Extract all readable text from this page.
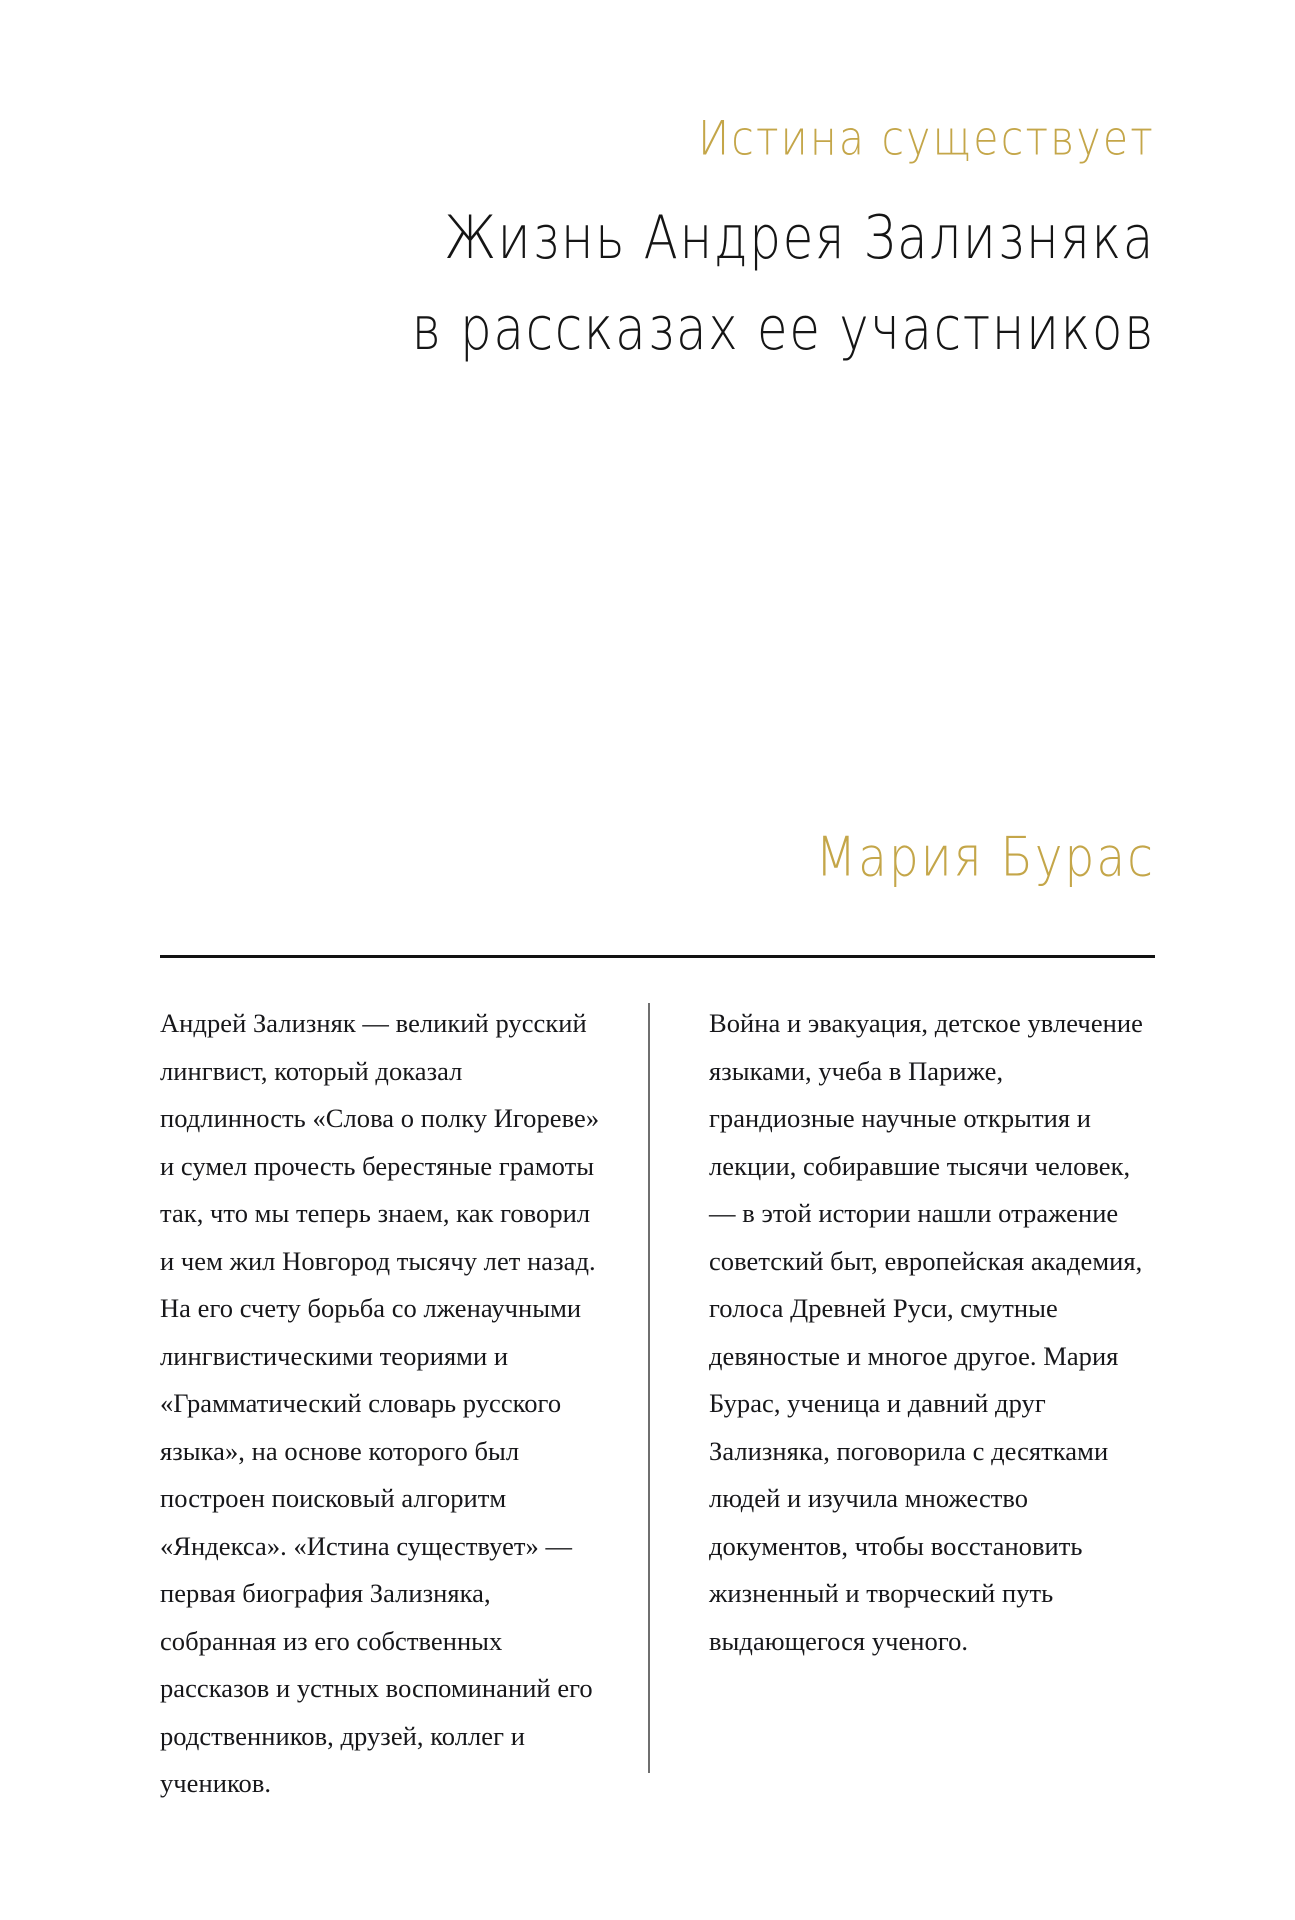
Истина существует
Жизнь Андрея Зализняка
в рассказах ее участников
Мария Бурас

Андрей Зализняк — великий русский лингвист, который доказал подлинность «Слова о полку Игореве» и сумел прочесть берестяные грамоты так, что мы теперь знаем, как говорил и чем жил Новгород тысячу лет назад. На его счету борьба со лженаучными лингвистическими теориями и «Грамматический словарь русского языка», на основе которого был построен поисковый алгоритм «Яндекса». «Истина существует» — первая биография Зализняка, собранная из его собственных рассказов и устных воспоминаний его родственников, друзей, коллег и учеников.

Война и эвакуация, детское увлечение языками, учеба в Париже, грандиозные научные открытия и лекции, собиравшие тысячи человек, — в этой истории нашли отражение советский быт, европейская академия, голоса Древней Руси, смутные девяностые и многое другое. Мария Бурас, ученица и давний друг Зализняка, поговорила с десятками людей и изучила множество документов, чтобы восстановить жизненный и творческий путь выдающегося ученого.
